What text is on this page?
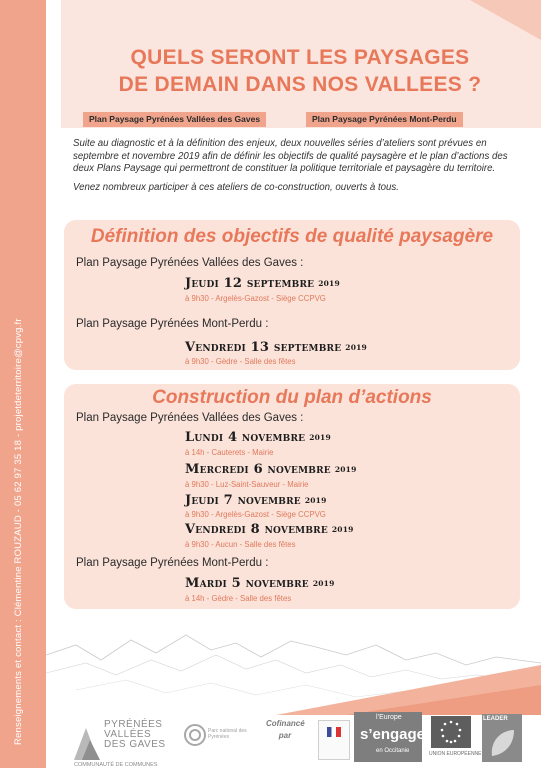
Renseignements et contact : Clémentine ROUZAUD - 05 62 97 35 18 - projetdeterritoire@cpvg.fr
QUELS SERONT LES PAYSAGES
DE DEMAIN DANS NOS VALLEES ?
Plan Paysage Pyrénées Vallées des Gaves	Plan Paysage Pyrénées Mont-Perdu

Suite au diagnostic et à la définition des enjeux, deux nouvelles séries d’ateliers sont prévues en septembre et novembre 2019 afin de définir les objectifs de qualité paysagère et le plan d’actions des deux Plans Paysage qui permettront de constituer la politique territoriale et paysagère du territoire.

Venez nombreux participer à ces ateliers de co-construction, ouverts à tous.

Définition des objectifs de qualité paysagère
Plan Paysage Pyrénées Vallées des Gaves :
Jeudi 12 septembre 2019
à 9h30 - Argelès-Gazost - Siège CCPVG
Plan Paysage Pyrénées Mont-Perdu :
Vendredi 13 septembre 2019
à 9h30 - Gèdre - Salle des fêtes
Construction du plan d’actions
Plan Paysage Pyrénées Vallées des Gaves :
Lundi 4 novembre 2019
à 14h - Cauterets - Mairie
Mercredi 6 novembre 2019
à 9h30 - Luz-Saint-Sauveur - Mairie
Jeudi 7 novembre 2019
à 9h30 - Argelès-Gazost - Siège CCPVG
Vendredi 8 novembre 2019
à 9h30 - Aucun - Salle des fêtes
Plan Paysage Pyrénées Mont-Perdu :
Mardi 5 novembre 2019
à 14h - Gèdre - Salle des fêtes
PYRÉNÉES
VALLÉES
DES GAVES
COMMUNAUTÉ DE COMMUNES
Parc national des Pyrénées
Cofinancé par
l’Europe
s’engage
en Occitanie	UNION EUROPÉENNE
LEADER
